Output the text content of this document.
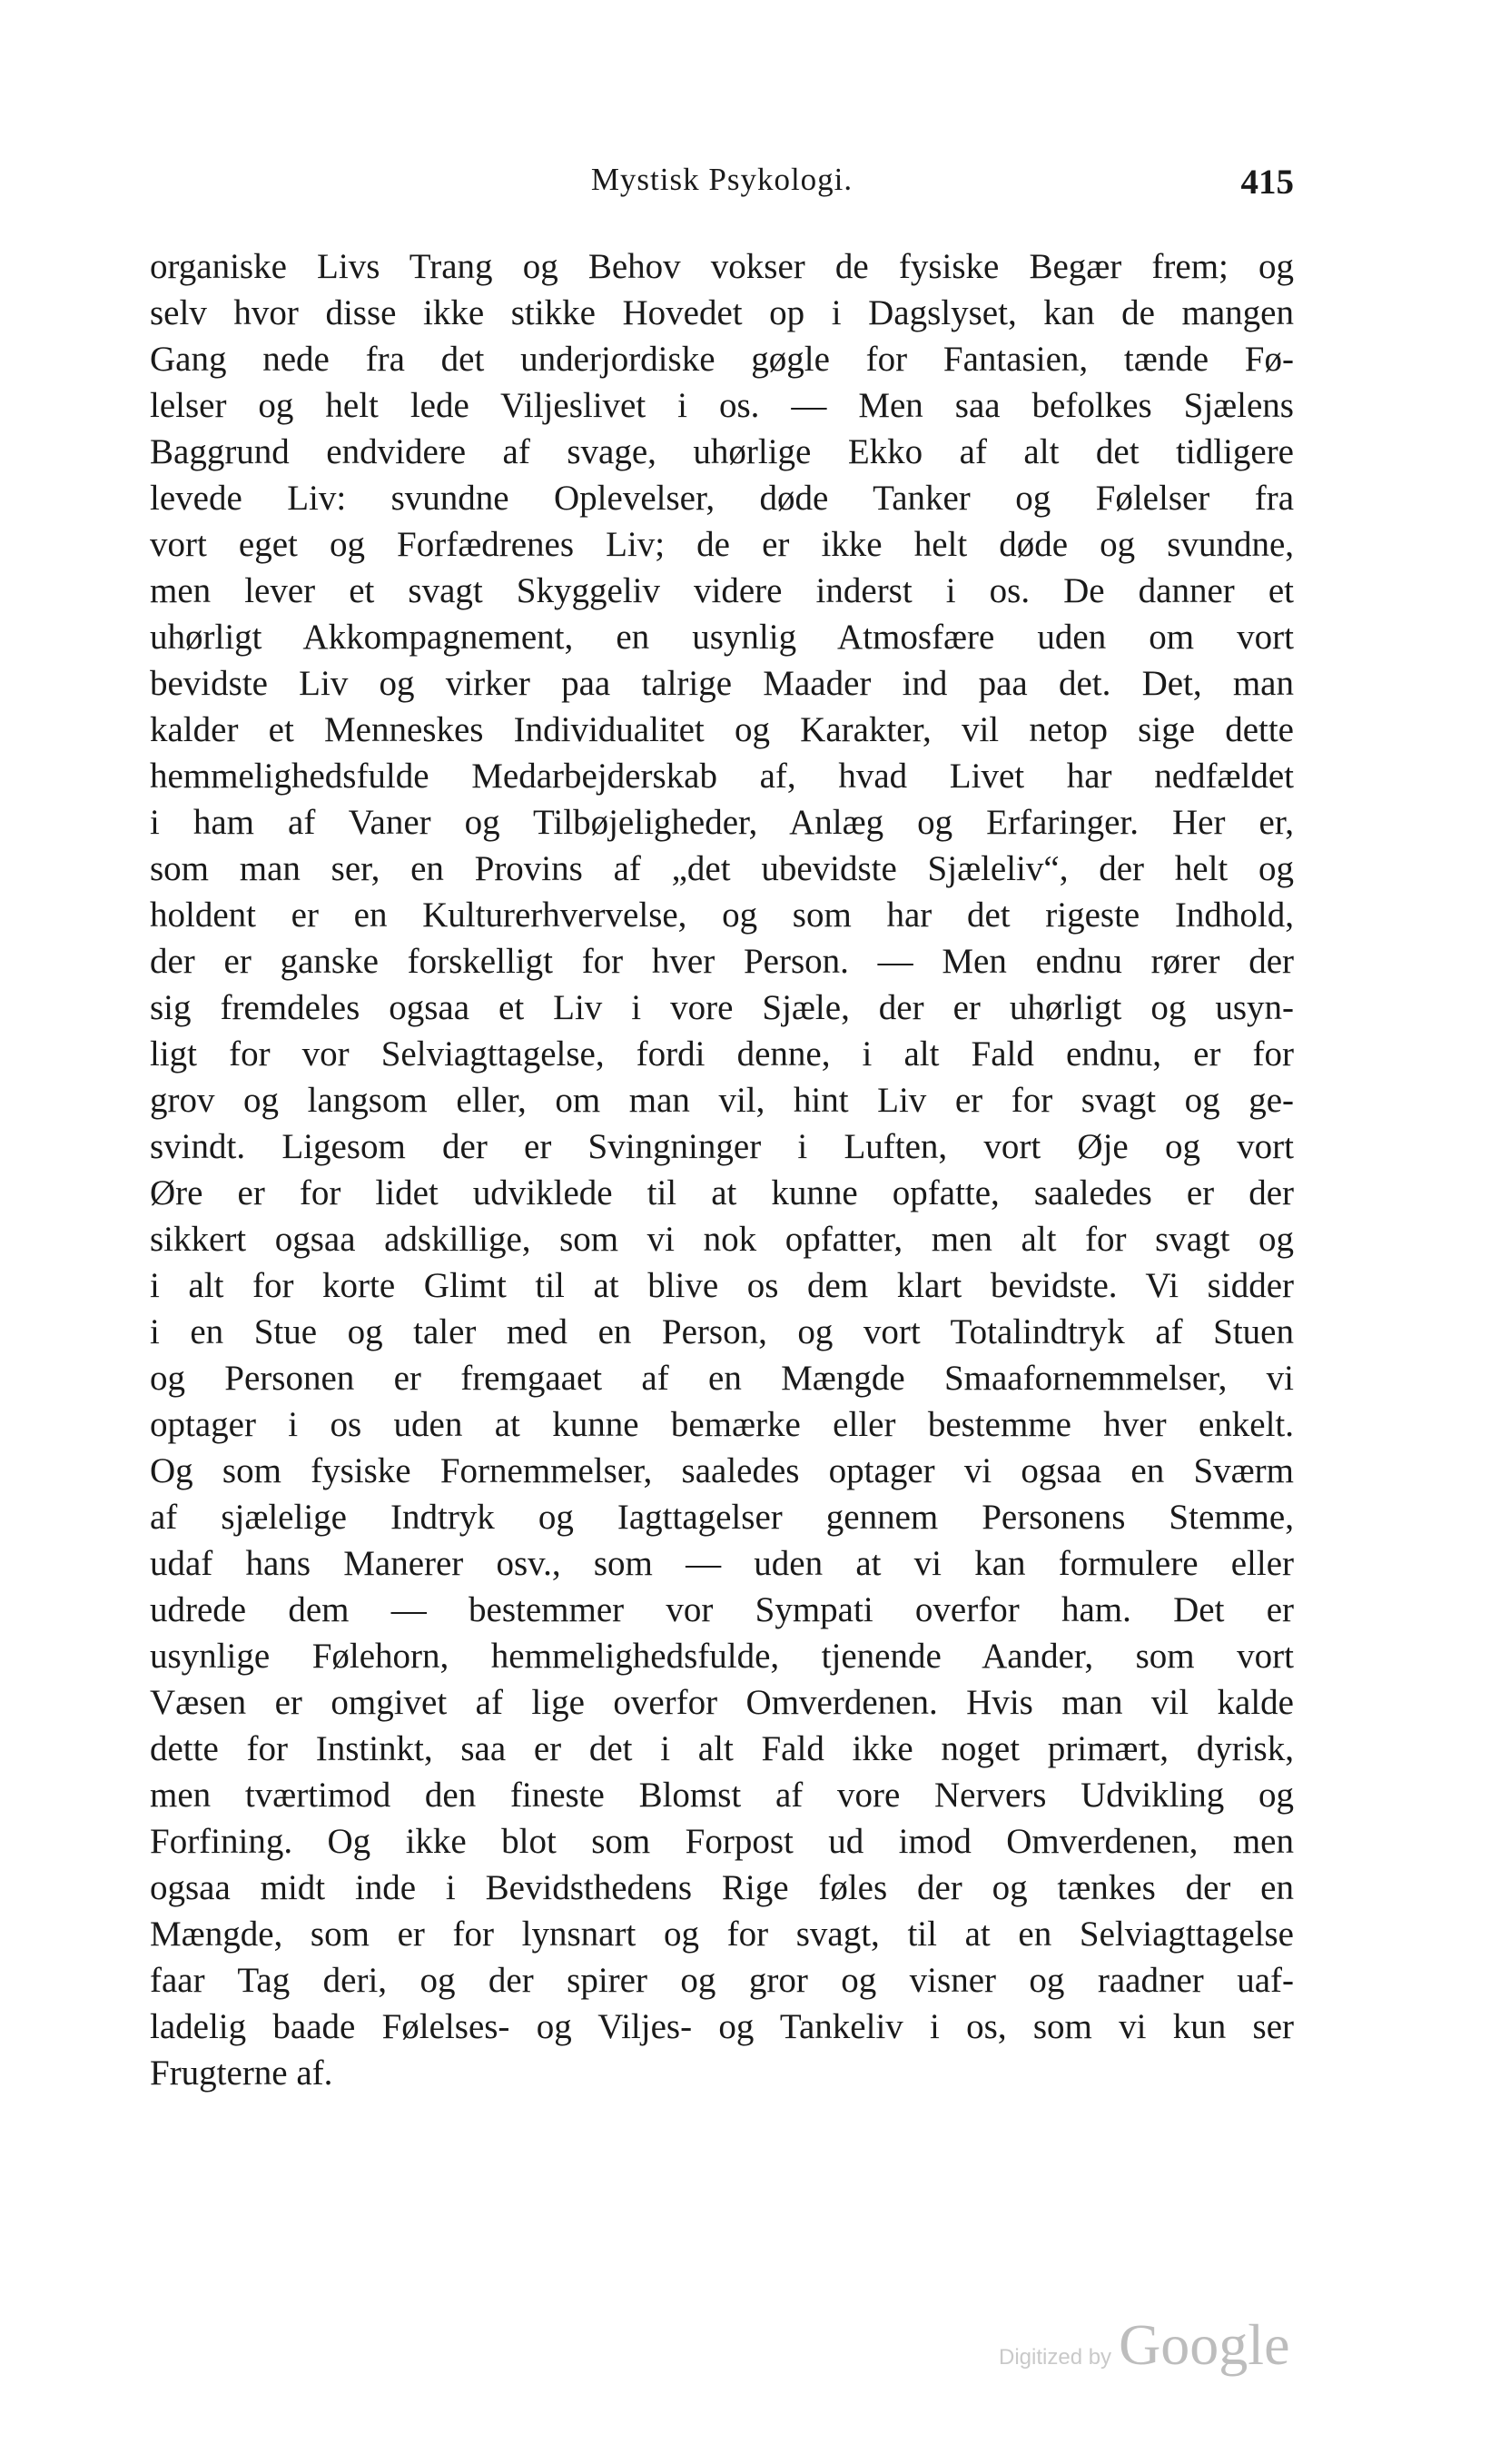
Mystisk Psykologi.	415
organiske Livs Trang og Behov vokser de fysiske Begær frem; og
selv hvor disse ikke stikke Hovedet op i Dagslyset, kan de mangen
Gang nede fra det underjordiske gøgle for Fantasien, tænde Fø-
lelser og helt lede Viljeslivet i os. — Men saa befolkes Sjælens
Baggrund endvidere af svage, uhørlige Ekko af alt det tidligere
levede Liv: svundne Oplevelser, døde Tanker og Følelser fra
vort eget og Forfædrenes Liv; de er ikke helt døde og svundne,
men lever et svagt Skyggeliv videre inderst i os. De danner et
uhørligt Akkompagnement, en usynlig Atmosfære uden om vort
bevidste Liv og virker paa talrige Maader ind paa det. Det, man
kalder et Menneskes Individualitet og Karakter, vil netop sige dette
hemmelighedsfulde Medarbejderskab af, hvad Livet har nedfældet
i ham af Vaner og Tilbøjeligheder, Anlæg og Erfaringer. Her er,
som man ser, en Provins af „det ubevidste Sjæleliv“, der helt og
holdent er en Kulturerhvervelse, og som har det rigeste Indhold,
der er ganske forskelligt for hver Person. — Men endnu rører der
sig fremdeles ogsaa et Liv i vore Sjæle, der er uhørligt og usyn-
ligt for vor Selviagttagelse, fordi denne, i alt Fald endnu, er for
grov og langsom eller, om man vil, hint Liv er for svagt og ge-
svindt. Ligesom der er Svingninger i Luften, vort Øje og vort
Øre er for lidet udviklede til at kunne opfatte, saaledes er der
sikkert ogsaa adskillige, som vi nok opfatter, men alt for svagt og
i alt for korte Glimt til at blive os dem klart bevidste. Vi sidder
i en Stue og taler med en Person, og vort Totalindtryk af Stuen
og Personen er fremgaaet af en Mængde Smaafornemmelser, vi
optager i os uden at kunne bemærke eller bestemme hver enkelt.
Og som fysiske Fornemmelser, saaledes optager vi ogsaa en Sværm
af sjælelige Indtryk og Iagttagelser gennem Personens Stemme,
udaf hans Manerer osv., som — uden at vi kan formulere eller
udrede dem — bestemmer vor Sympati overfor ham. Det er
usynlige Følehorn, hemmelighedsfulde, tjenende Aander, som vort
Væsen er omgivet af lige overfor Omverdenen. Hvis man vil kalde
dette for Instinkt, saa er det i alt Fald ikke noget primært, dyrisk,
men tværtimod den fineste Blomst af vore Nervers Udvikling og
Forfining. Og ikke blot som Forpost ud imod Omverdenen, men
ogsaa midt inde i Bevidsthedens Rige føles der og tænkes der en
Mængde, som er for lynsnart og for svagt, til at en Selviagttagelse
faar Tag deri, og der spirer og gror og visner og raadner uaf-
ladelig baade Følelses- og Viljes- og Tankeliv i os, som vi kun ser
Frugterne af.
Digitized by Google
